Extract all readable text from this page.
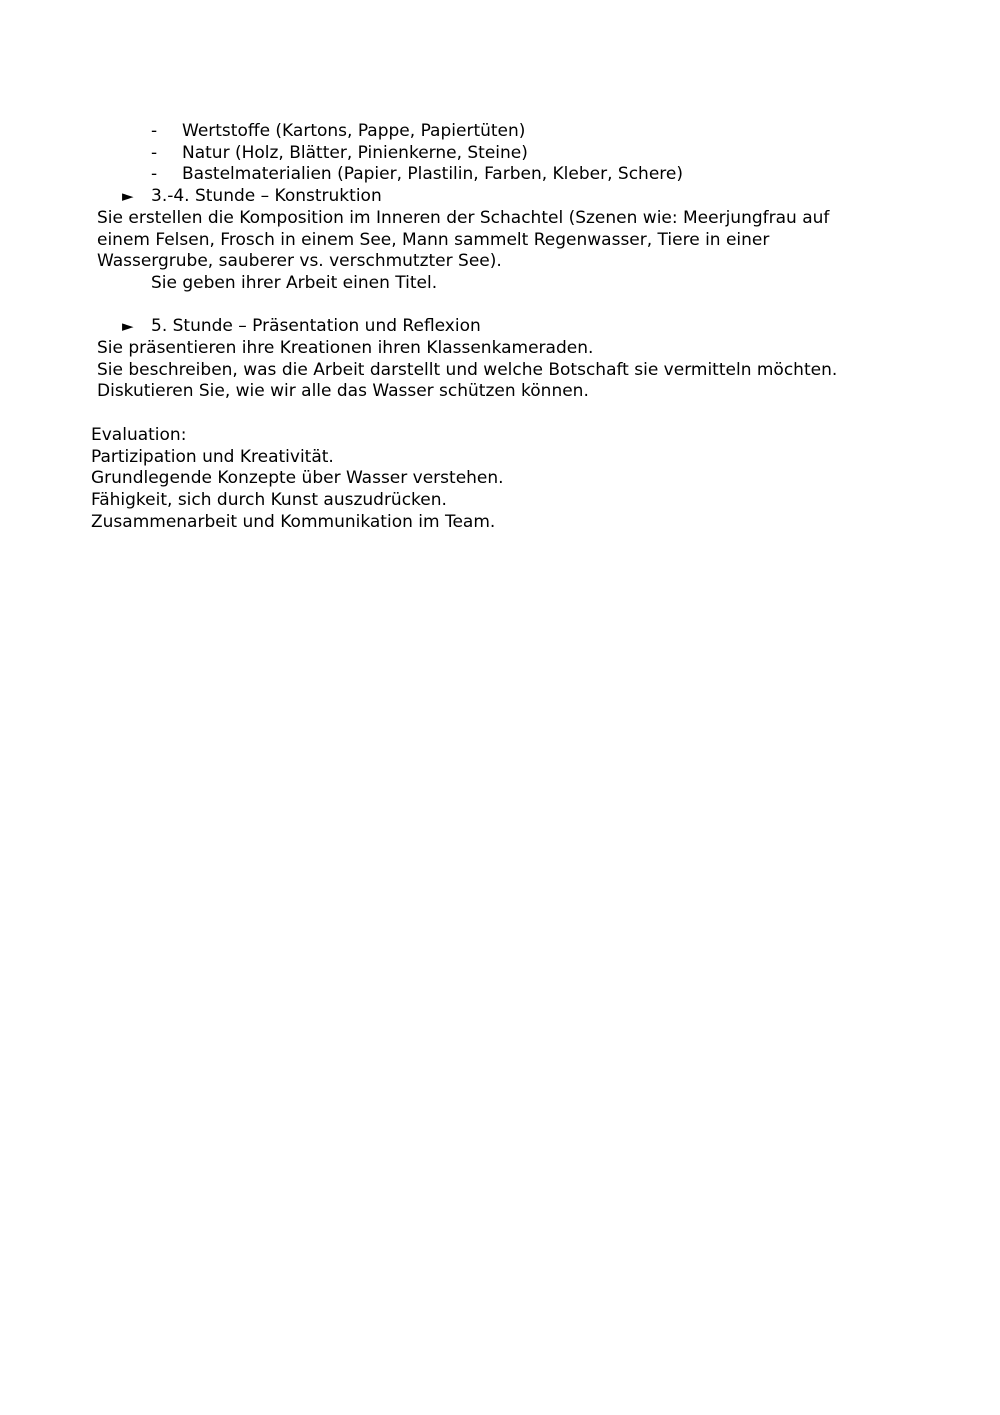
- Wertstoffe (Kartons, Pappe, Papiertüten)
- Natur (Holz, Blätter, Pinienkerne, Steine)
- Bastelmaterialien (Papier, Plastilin, Farben, Kleber, Schere)
► 3.-4. Stunde – Konstruktion

Sie erstellen die Komposition im Inneren der Schachtel (Szenen wie: Meerjungfrau auf einem Felsen, Frosch in einem See, Mann sammelt Regenwasser, Tiere in einer Wassergrube, sauberer vs. verschmutzter See).

Sie geben ihrer Arbeit einen Titel.

► 5. Stunde – Präsentation und Reflexion

Sie präsentieren ihre Kreationen ihren Klassenkameraden.

Sie beschreiben, was die Arbeit darstellt und welche Botschaft sie vermitteln möchten.

Diskutieren Sie, wie wir alle das Wasser schützen können.

Evaluation:

Partizipation und Kreativität.

Grundlegende Konzepte über Wasser verstehen.

Fähigkeit, sich durch Kunst auszudrücken.

Zusammenarbeit und Kommunikation im Team.
